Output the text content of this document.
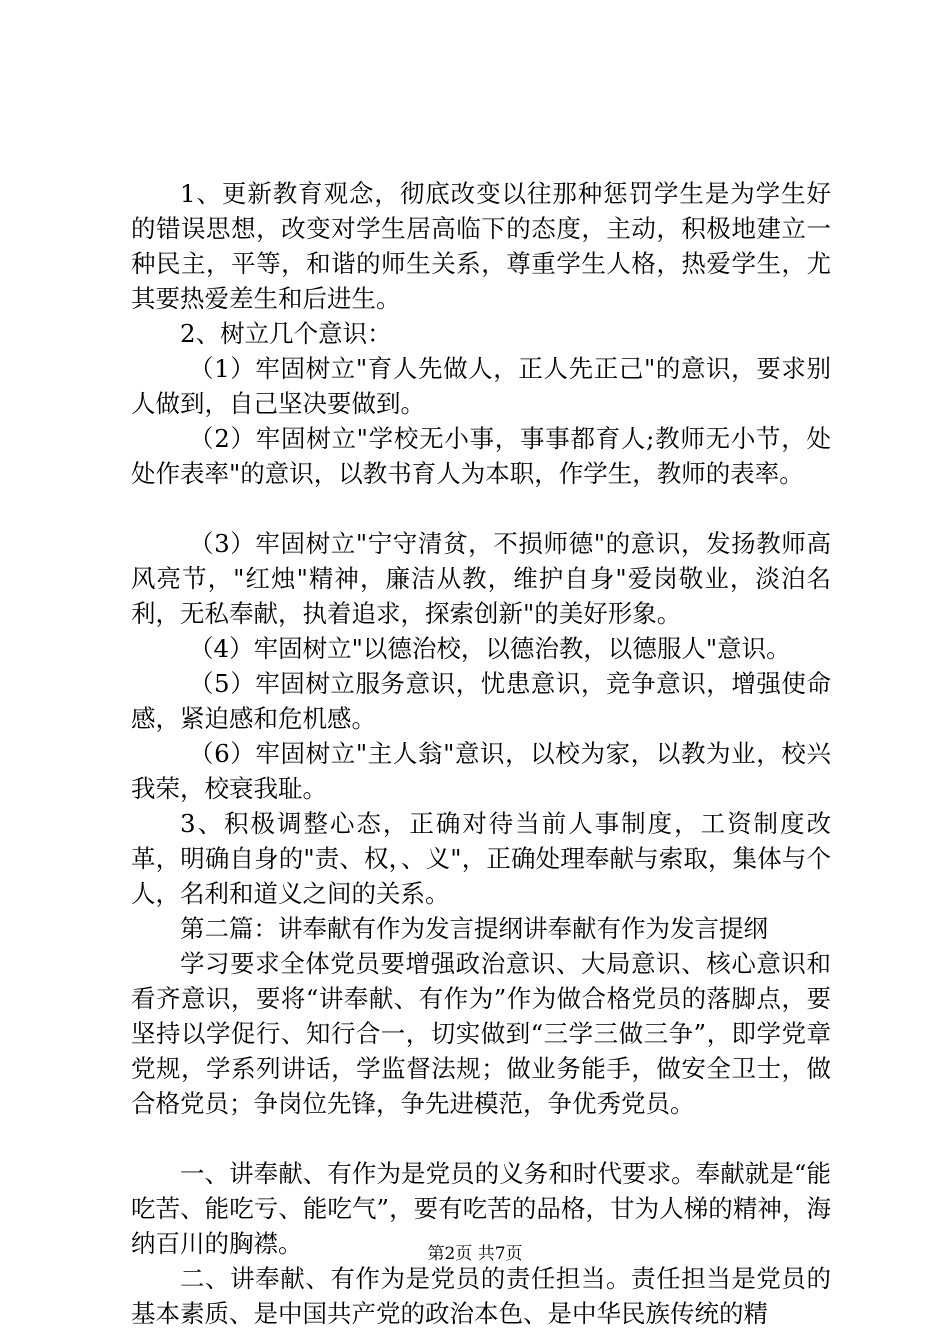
1、更新教育观念，彻底改变以往那种惩罚学生是为学生好的错误思想，改变对学生居高临下的态度，主动，积极地建立一种民主，平等，和谐的师生关系，尊重学生人格，热爱学生，尤其要热爱差生和后进生。

2、树立几个意识：

（1）牢固树立"育人先做人，正人先正己"的意识，要求别人做到，自己坚决要做到。

（2）牢固树立"学校无小事，事事都育人;教师无小节，处处作表率"的意识，以教书育人为本职，作学生，教师的表率。

（3）牢固树立"宁守清贫，不损师德"的意识，发扬教师高风亮节，"红烛"精神，廉洁从教，维护自身"爱岗敬业，淡泊名利，无私奉献，执着追求，探索创新"的美好形象。

（4）牢固树立"以德治校，以德治教，以德服人"意识。

（5）牢固树立服务意识，忧患意识，竞争意识，增强使命感，紧迫感和危机感。

（6）牢固树立"主人翁"意识，以校为家，以教为业，校兴我荣，校衰我耻。

3、积极调整心态，正确对待当前人事制度，工资制度改革，明确自身的"责、权，、义"，正确处理奉献与索取，集体与个人，名利和道义之间的关系。

第二篇：讲奉献有作为发言提纲讲奉献有作为发言提纲

学习要求全体党员要增强政治意识、大局意识、核心意识和看齐意识，要将“讲奉献、有作为”作为做合格党员的落脚点，要坚持以学促行、知行合一，切实做到“三学三做三争”，即学党章党规，学系列讲话，学监督法规；做业务能手，做安全卫士，做合格党员；争岗位先锋，争先进模范，争优秀党员。

一、讲奉献、有作为是党员的义务和时代要求。奉献就是“能吃苦、能吃亏、能吃气”，要有吃苦的品格，甘为人梯的精神，海纳百川的胸襟。

二、讲奉献、有作为是党员的责任担当。责任担当是党员的基本素质、是中国共产党的政治本色、是中华民族传统的精

第2页 共7页
